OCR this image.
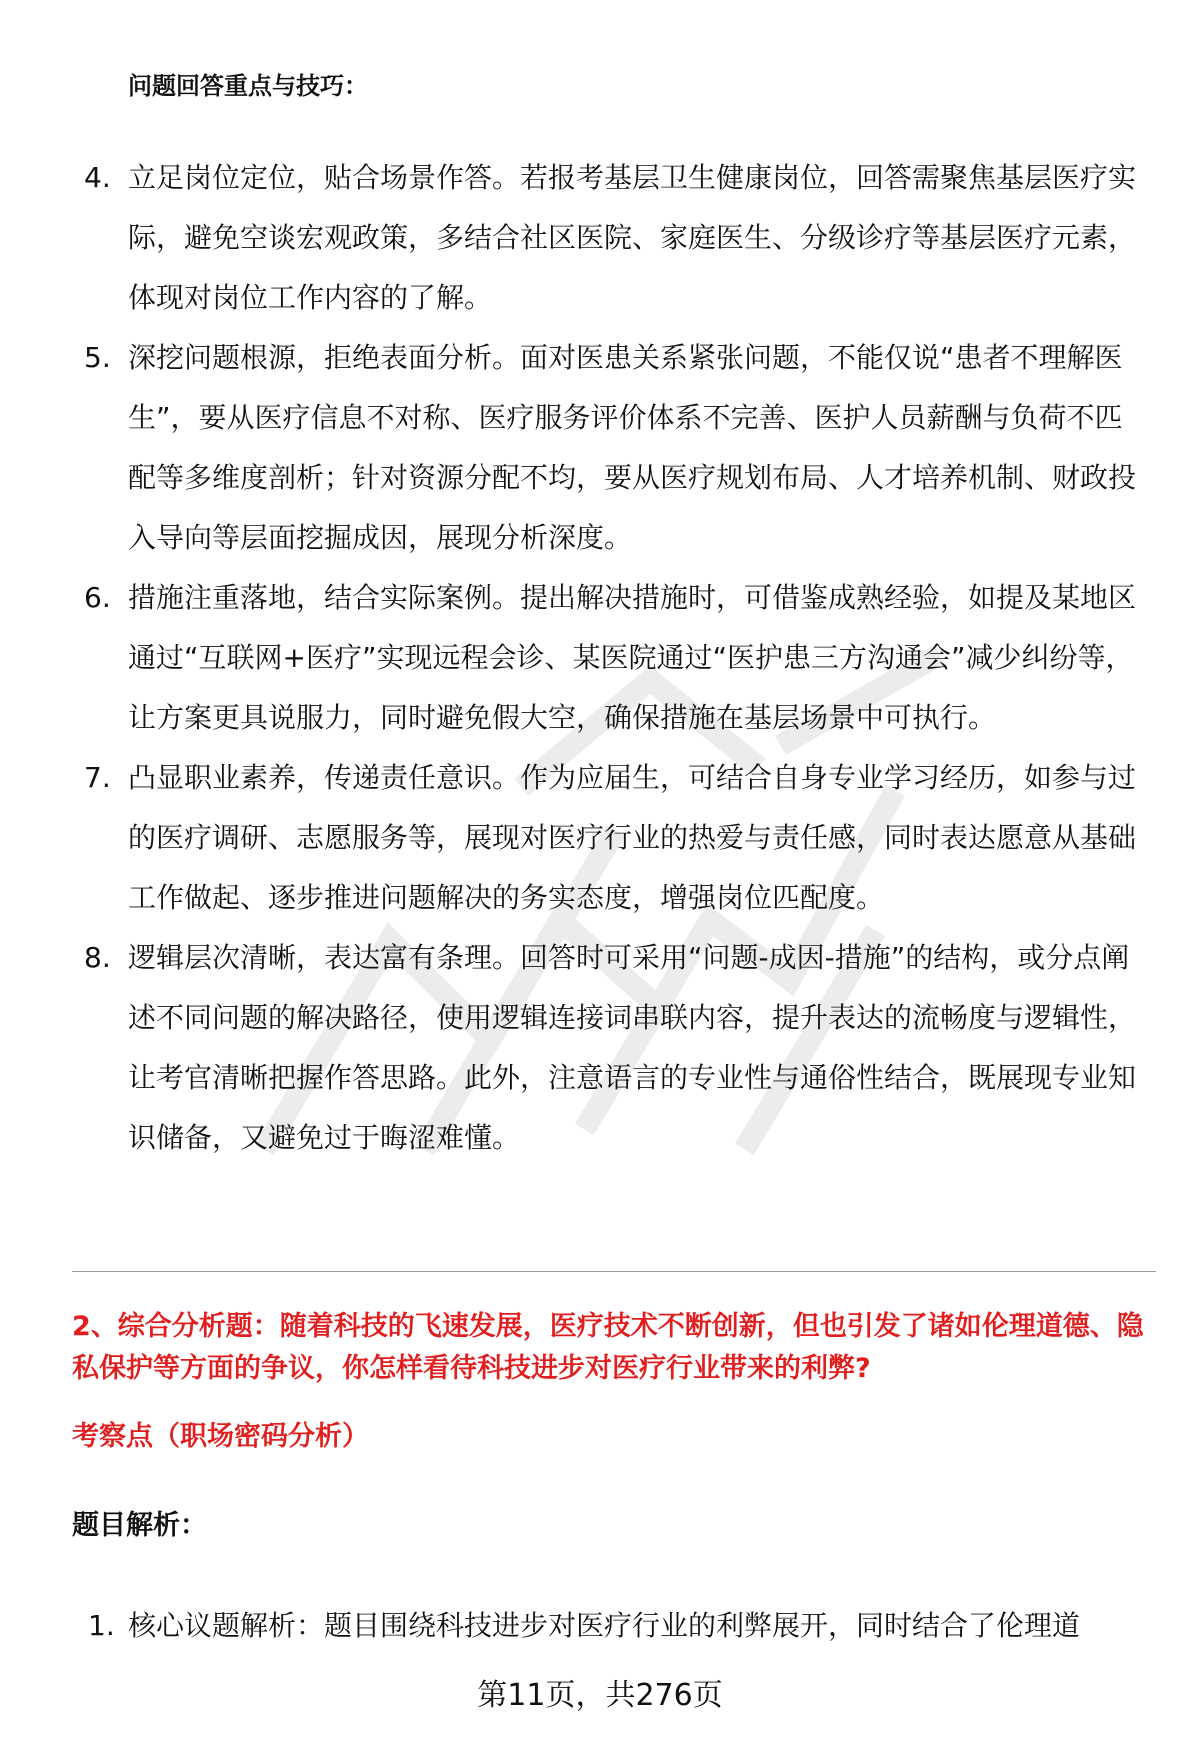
问题回答重点与技巧：
4. 立足岗位定位，贴合场景作答。若报考基层卫生健康岗位，回答需聚焦基层医疗实际，避免空谈宏观政策，多结合社区医院、家庭医生、分级诊疗等基层医疗元素，体现对岗位工作内容的了解。
5. 深挖问题根源，拒绝表面分析。面对医患关系紧张问题，不能仅说“患者不理解医生”，要从医疗信息不对称、医疗服务评价体系不完善、医护人员薪酬与负荷不匹配等多维度剖析；针对资源分配不均，要从医疗规划布局、人才培养机制、财政投入导向等层面挖掘成因，展现分析深度。
6. 措施注重落地，结合实际案例。提出解决措施时，可借鉴成熟经验，如提及某地区通过“互联网+医疗”实现远程会诊、某医院通过“医护患三方沟通会”减少纠纷等，让方案更具说服力，同时避免假大空，确保措施在基层场景中可执行。
7. 凸显职业素养，传递责任意识。作为应届生，可结合自身专业学习经历，如参与过的医疗调研、志愿服务等，展现对医疗行业的热爱与责任感，同时表达愿意从基础工作做起、逐步推进问题解决的务实态度，增强岗位匹配度。
8. 逻辑层次清晰，表达富有条理。回答时可采用“问题-成因-措施”的结构，或分点阐述不同问题的解决路径，使用逻辑连接词串联内容，提升表达的流畅度与逻辑性，让考官清晰把握作答思路。此外，注意语言的专业性与通俗性结合，既展现专业知识储备，又避免过于晦涩难懂。

2、综合分析题：随着科技的飞速发展，医疗技术不断创新，但也引发了诸如伦理道德、隐私保护等方面的争议，你怎样看待科技进步对医疗行业带来的利弊?

考察点（职场密码分析）

题目解析：

1. 核心议题解析：题目围绕科技进步对医疗行业的利弊展开，同时结合了伦理道
第11页，共276页
